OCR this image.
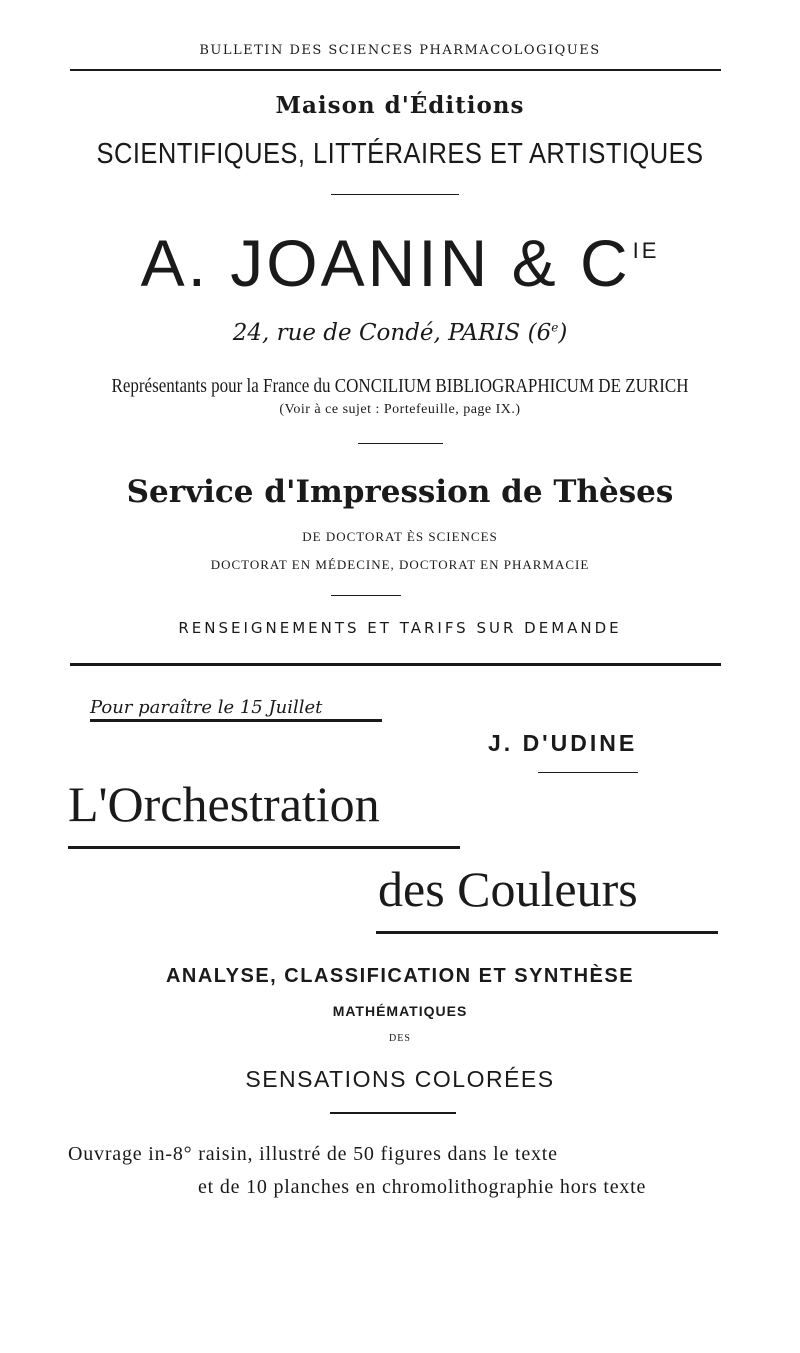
BULLETIN DES SCIENCES PHARMACOLOGIQUES
Maison d'Éditions
SCIENTIFIQUES, LITTÉRAIRES ET ARTISTIQUES
A. JOANIN & $C^{IE}$
24, rue de Condé, PARIS (6e)
Représentants pour la France du CONCILIUM BIBLIOGRAPHICUM DE ZURICH
(Voir à ce sujet : Portefeuille, page IX.)
Service d'Impression de Thèses
DE DOCTORAT ÈS SCIENCES
DOCTORAT EN MÉDECINE, DOCTORAT EN PHARMACIE
RENSEIGNEMENTS ET TARIFS SUR DEMANDE
Pour paraître le 15 Juillet
J. D'UDINE
L'Orchestration
des Couleurs
ANALYSE, CLASSIFICATION ET SYNTHÈSE
MATHÉMATIQUES
DES
SENSATIONS COLORÉES
Ouvrage in-8° raisin, illustré de 50 figures dans le texte
et de 10 planches en chromolithographie hors texte
